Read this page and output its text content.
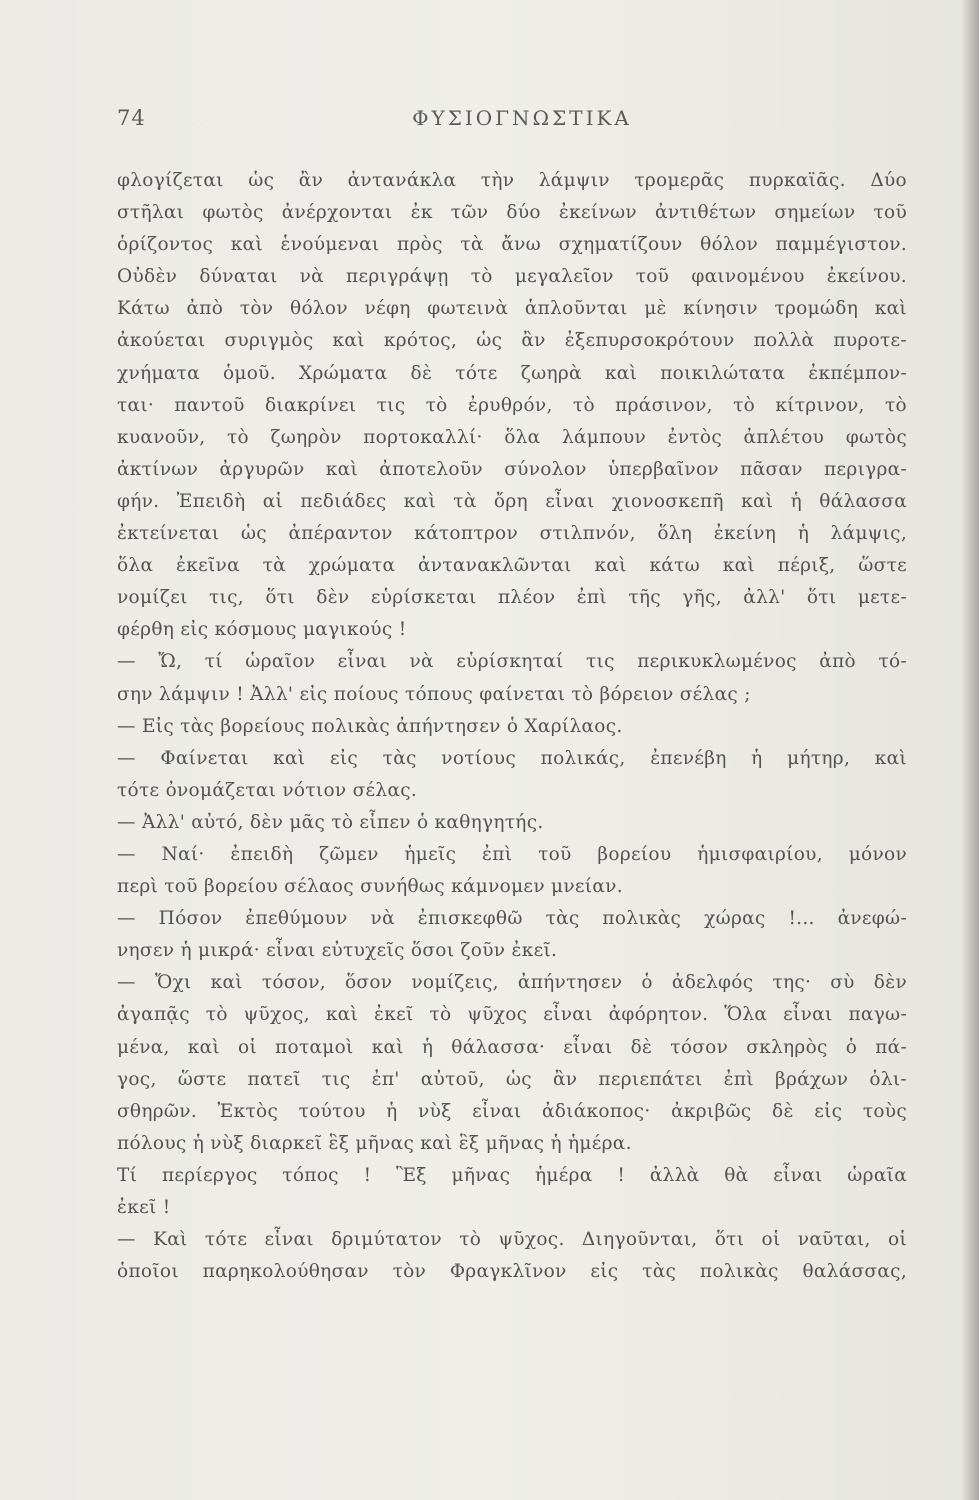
74	ΦΥΣΙΟΓΝΩΣΤΙΚΑ
φλογίζεται ὡς ἂν ἀντανάκλα τὴν λάμψιν τρομερᾶς πυρκαϊᾶς. Δύο
στῆλαι φωτὸς ἀνέρχονται ἐκ τῶν δύο ἐκείνων ἀντιθέτων σημείων τοῦ
ὁρίζοντος καὶ ἑνούμεναι πρὸς τὰ ἄνω σχηματίζουν θόλον παμμέγιστον.
Οὐδὲν δύναται νὰ περιγράψῃ τὸ μεγαλεῖον τοῦ φαινομένου ἐκείνου.
Κάτω ἀπὸ τὸν θόλον νέφη φωτεινὰ ἁπλοῦνται μὲ κίνησιν τρομώδη καὶ
ἀκούεται συριγμὸς καὶ κρότος, ὡς ἂν ἐξεπυρσοκρότουν πολλὰ πυροτε-
χνήματα ὁμοῦ. Χρώματα δὲ τότε ζωηρὰ καὶ ποικιλώτατα ἐκπέμπον-
ται· παντοῦ διακρίνει τις τὸ ἐρυθρόν, τὸ πράσινον, τὸ κίτρινον, τὸ
κυανοῦν, τὸ ζωηρὸν πορτοκαλλί· ὅλα λάμπουν ἐντὸς ἀπλέτου φωτὸς
ἀκτίνων ἀργυρῶν καὶ ἀποτελοῦν σύνολον ὑπερβαῖνον πᾶσαν περιγρα-
φήν. Ἐπειδὴ αἱ πεδιάδες καὶ τὰ ὄρη εἶναι χιονοσκεπῆ καὶ ἡ θάλασσα
ἐκτείνεται ὡς ἀπέραντον κάτοπτρον στιλπνόν, ὅλη ἐκείνη ἡ λάμψις,
ὅλα ἐκεῖνα τὰ χρώματα ἀντανακλῶνται καὶ κάτω καὶ πέριξ, ὥστε
νομίζει τις, ὅτι δὲν εὑρίσκεται πλέον ἐπὶ τῆς γῆς, ἀλλ' ὅτι μετε-
φέρθη εἰς κόσμους μαγικούς !
— Ὤ, τί ὡραῖον εἶναι νὰ εὑρίσκηταί τις περικυκλωμένος ἀπὸ τό-
σην λάμψιν ! Ἀλλ' εἰς ποίους τόπους φαίνεται τὸ βόρειον σέλας ;
— Εἰς τὰς βορείους πολικὰς ἀπήντησεν ὁ Χαρίλαος.
— Φαίνεται καὶ εἰς τὰς νοτίους πολικάς, ἐπενέβη ἡ μήτηρ, καὶ
τότε ὀνομάζεται νότιον σέλας.
— Ἀλλ' αὐτό, δὲν μᾶς τὸ εἶπεν ὁ καθηγητής.
— Ναί· ἐπειδὴ ζῶμεν ἡμεῖς ἐπὶ τοῦ βορείου ἡμισφαιρίου, μόνον
περὶ τοῦ βορείου σέλαος συνήθως κάμνομεν μνείαν.
— Πόσον ἐπεθύμουν νὰ ἐπισκεφθῶ τὰς πολικὰς χώρας !... ἀνεφώ-
νησεν ἡ μικρά· εἶναι εὐτυχεῖς ὅσοι ζοῦν ἐκεῖ.
— Ὄχι καὶ τόσον, ὅσον νομίζεις, ἀπήντησεν ὁ ἀδελφός της· σὺ δὲν
ἀγαπᾷς τὸ ψῦχος, καὶ ἐκεῖ τὸ ψῦχος εἶναι ἀφόρητον. Ὅλα εἶναι παγω-
μένα, καὶ οἱ ποταμοὶ καὶ ἡ θάλασσα· εἶναι δὲ τόσον σκληρὸς ὁ πά-
γος, ὥστε πατεῖ τις ἐπ' αὐτοῦ, ὡς ἂν περιεπάτει ἐπὶ βράχων ὀλι-
σθηρῶν. Ἐκτὸς τούτου ἡ νὺξ εἶναι ἀδιάκοπος· ἀκριβῶς δὲ εἰς τοὺς
πόλους ἡ νὺξ διαρκεῖ ἓξ μῆνας καὶ ἓξ μῆνας ἡ ἡμέρα.
Τί περίεργος τόπος ! Ἓξ μῆνας ἡμέρα ! ἀλλὰ θὰ εἶναι ὡραῖα
ἐκεῖ !
— Καὶ τότε εἶναι δριμύτατον τὸ ψῦχος. Διηγοῦνται, ὅτι οἱ ναῦται, οἱ
ὁποῖοι παρηκολούθησαν τὸν Φραγκλῖνον εἰς τὰς πολικὰς θαλάσσας,
